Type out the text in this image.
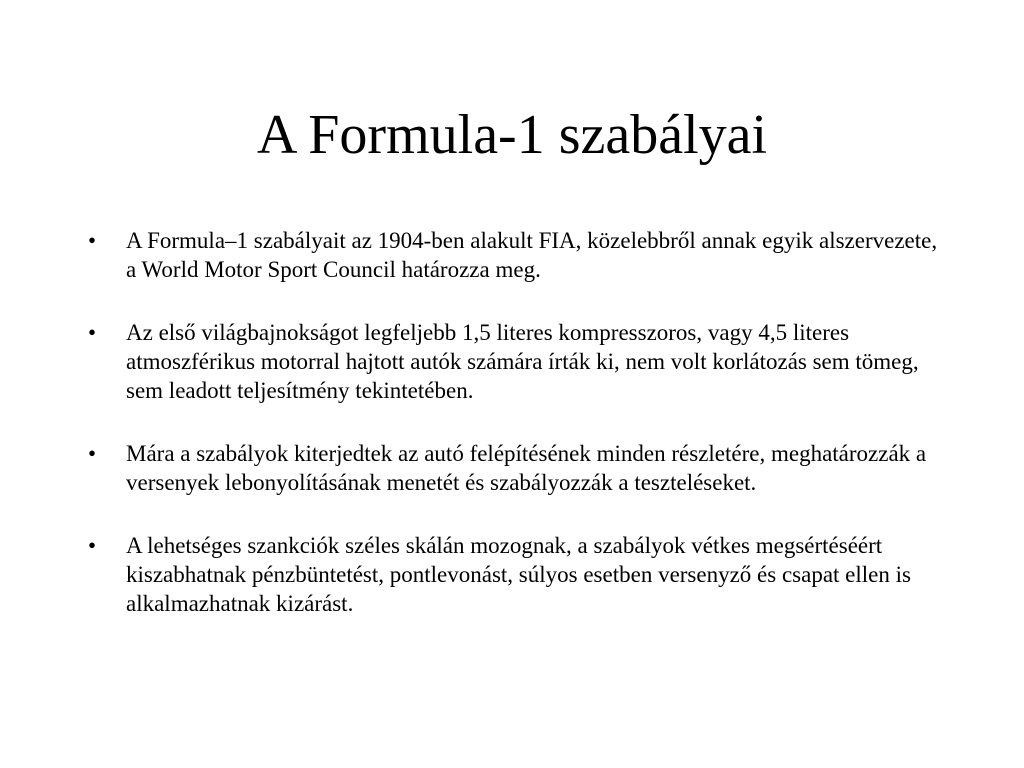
A Formula-1 szabályai
•	A Formula–1 szabályait az 1904-ben alakult FIA, közelebbről annak egyik alszervezete, a World Motor Sport Council határozza meg.
•	Az első világbajnokságot legfeljebb 1,5 literes kompresszoros, vagy 4,5 literes atmoszférikus motorral hajtott autók számára írták ki, nem volt korlátozás sem tömeg, sem leadott teljesítmény tekintetében.
•	Mára a szabályok kiterjedtek az autó felépítésének minden részletére, meghatározzák a versenyek lebonyolításának menetét és szabályozzák a teszteléseket.
•	A lehetséges szankciók széles skálán mozognak, a szabályok vétkes megsértéséért kiszabhatnak pénzbüntetést, pontlevonást, súlyos esetben versenyző és csapat ellen is alkalmazhatnak kizárást.
